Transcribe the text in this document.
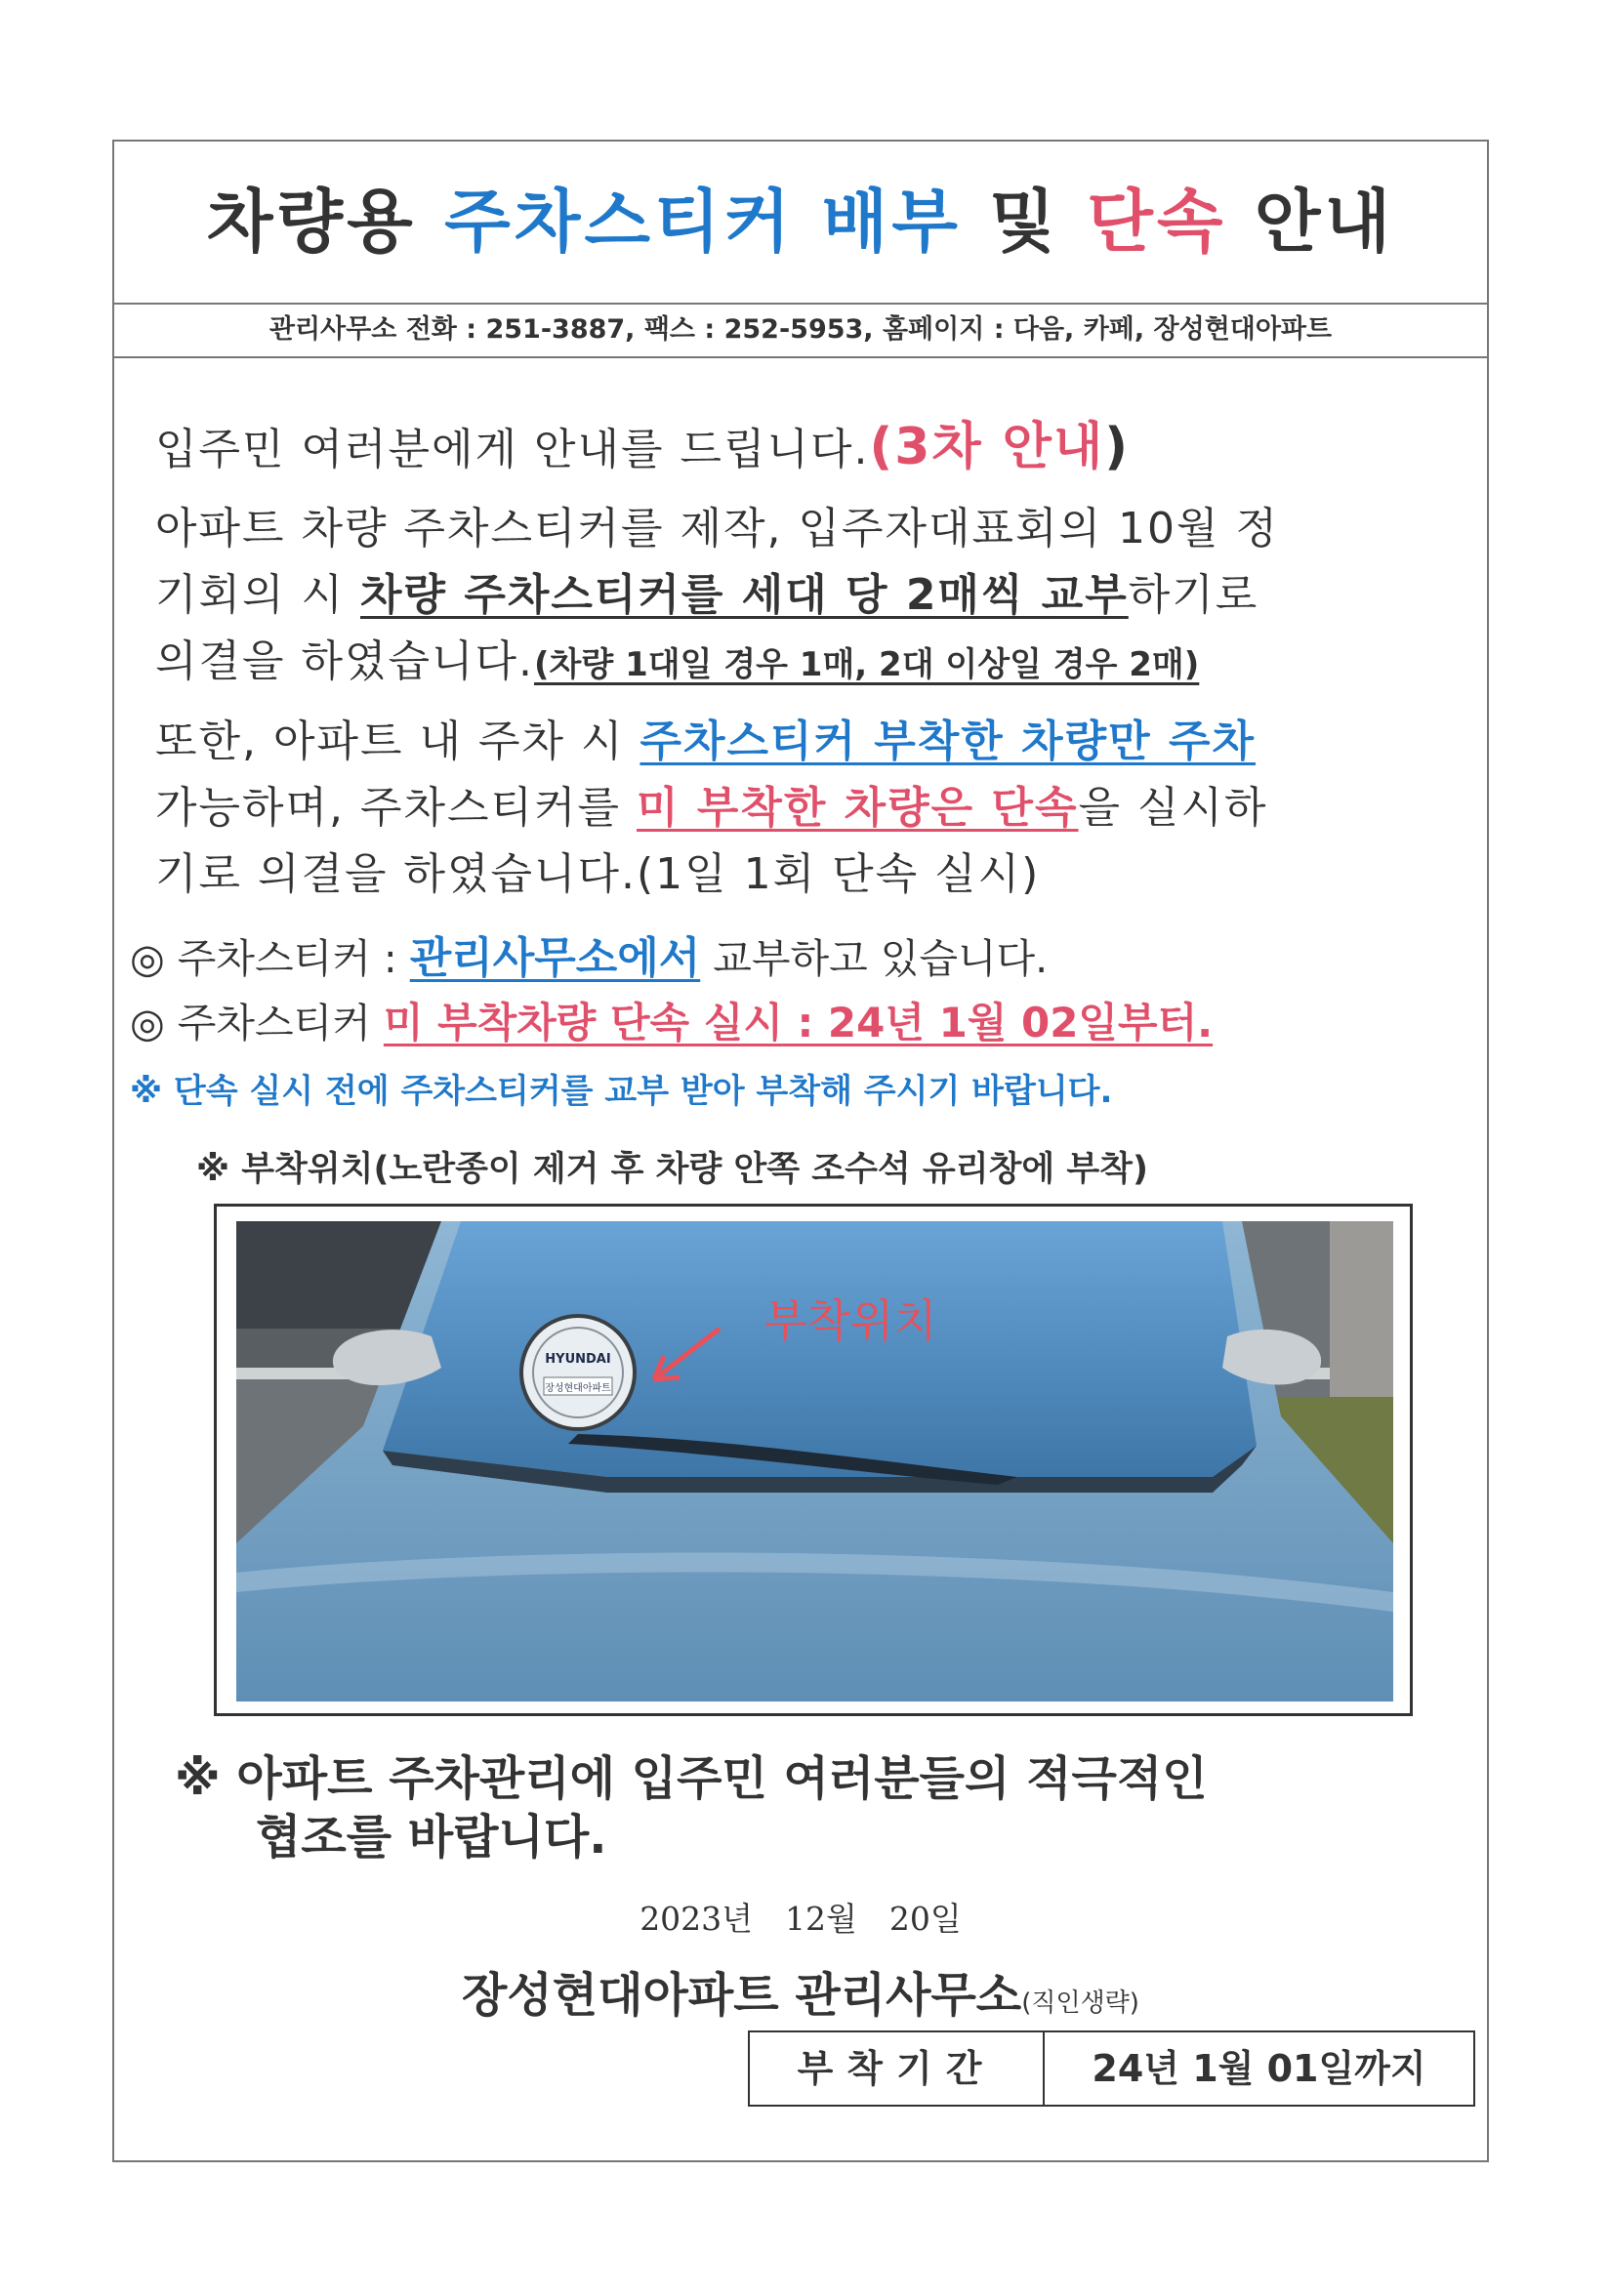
차량용 주차스티커 배부 및 단속 안내
관리사무소 전화 : 251-3887, 팩스 : 252-5953, 홈페이지 : 다음, 카페, 장성현대아파트
입주민 여러분에게 안내를 드립니다.(3차 안내)
아파트 차량 주차스티커를 제작, 입주자대표회의 10월 정
기회의 시 차량 주차스티커를 세대 당 2매씩 교부하기로
의결을 하였습니다.(차량 1대일 경우 1매, 2대 이상일 경우 2매)
또한, 아파트 내 주차 시 주차스티커 부착한 차량만 주차
가능하며, 주차스티커를 미 부착한 차량은 단속을 실시하
기로 의결을 하였습니다.(1일 1회 단속 실시)
◎ 주차스티커 : 관리사무소에서 교부하고 있습니다.
◎ 주차스티커 미 부착차량 단속 실시 : 24년 1월 02일부터.
※ 단속 실시 전에 주차스티커를 교부 받아 부착해 주시기 바랍니다.
※ 부착위치(노란종이 제거 후 차량 안쪽 조수석 유리창에 부착)
HYUNDAI
장성현대아파트
부착위치
※ 아파트 주차관리에 입주민 여러분들의 적극적인
협조를 바랍니다.
2023년　12월　20일
장성현대아파트 관리사무소(직인생략)
부착기간	24년 1월 01일까지
